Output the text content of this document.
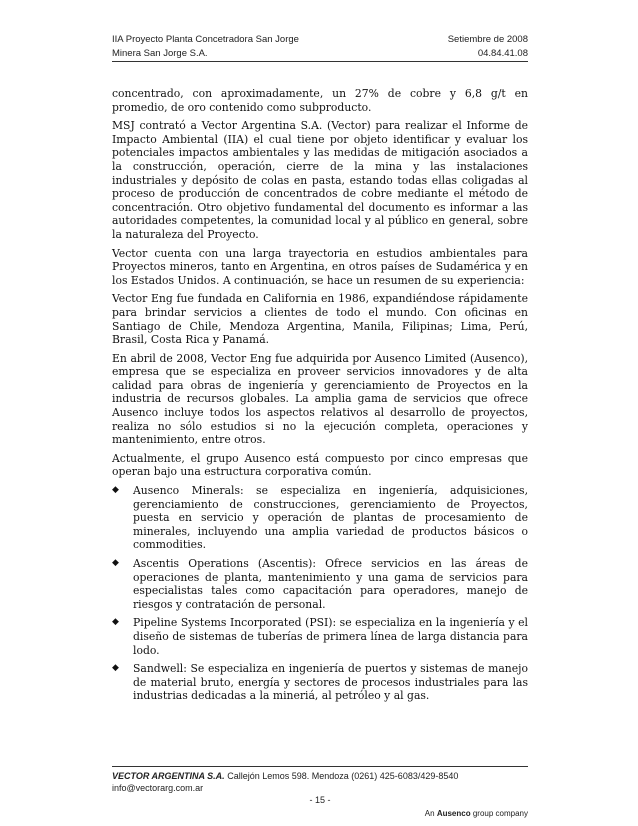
IIA Proyecto Planta Concetradora San Jorge	Setiembre de 2008
Minera San Jorge S.A.	04.84.41.08

concentrado, con aproximadamente, un 27% de cobre y 6,8 g/t en promedio, de oro contenido como subproducto.

MSJ contrató a Vector Argentina S.A. (Vector) para realizar el Informe de Impacto Ambiental (IIA) el cual tiene por objeto identificar y evaluar los potenciales impactos ambientales y las medidas de mitigación asociados a la construcción, operación, cierre de la mina y las instalaciones industriales y depósito de colas en pasta, estando todas ellas coligadas al proceso de producción de concentrados de cobre mediante el método de concentración. Otro objetivo fundamental del documento es informar a las autoridades competentes, la comunidad local y al público en general, sobre la naturaleza del Proyecto.

Vector cuenta con una larga trayectoria en estudios ambientales para Proyectos mineros, tanto en Argentina, en otros países de Sudamérica y en los Estados Unidos. A continuación, se hace un resumen de su experiencia:

Vector Eng fue fundada en California en 1986, expandiéndose rápidamente para brindar servicios a clientes de todo el mundo. Con oficinas en Santiago de Chile, Mendoza Argentina, Manila, Filipinas; Lima, Perú, Brasil, Costa Rica y Panamá.

En abril de 2008, Vector Eng fue adquirida por Ausenco Limited (Ausenco), empresa que se especializa en proveer servicios innovadores y de alta calidad para obras de ingeniería y gerenciamiento de Proyectos en la industria de recursos globales. La amplia gama de servicios que ofrece Ausenco incluye todos los aspectos relativos al desarrollo de proyectos, realiza no sólo estudios si no la ejecución completa, operaciones y mantenimiento, entre otros.

Actualmente, el grupo Ausenco está compuesto por cinco empresas que operan bajo una estructura corporativa común.

◆	Ausenco Minerals: se especializa en ingeniería, adquisiciones, gerenciamiento de construcciones, gerenciamiento de Proyectos, puesta en servicio y operación de plantas de procesamiento de minerales, incluyendo una amplia variedad de productos básicos o commodities.
◆	Ascentis Operations (Ascentis): Ofrece servicios en las áreas de operaciones de planta, mantenimiento y una gama de servicios para especialistas tales como capacitación para operadores, manejo de riesgos y contratación de personal.
◆	Pipeline Systems Incorporated (PSI): se especializa en la ingeniería y el diseño de sistemas de tuberías de primera línea de larga distancia para lodo.
◆	Sandwell: Se especializa en ingeniería de puertos y sistemas de manejo de material bruto, energía y sectores de procesos industriales para las industrias dedicadas a la mineriá, al petróleo y al gas.
VECTOR ARGENTINA S.A. Callejón Lemos 598. Mendoza (0261) 425-6083/429-8540 info@vectorarg.com.ar
- 15 -
An Ausenco group company
